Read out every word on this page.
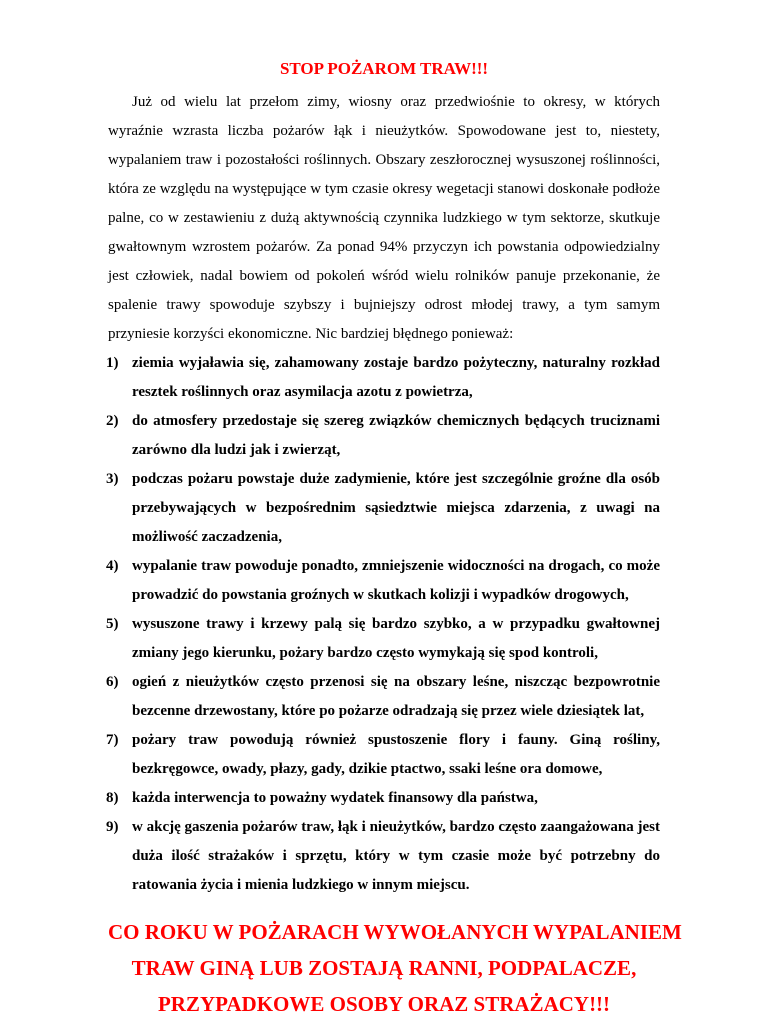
STOP POŻAROM TRAW!!!

Już od wielu lat przełom zimy, wiosny oraz przedwiośnie to okresy, w których wyraźnie wzrasta liczba pożarów łąk i nieużytków. Spowodowane jest to, niestety, wypalaniem traw i pozostałości roślinnych. Obszary zeszłorocznej wysuszonej roślinności, która ze względu na występujące w tym czasie okresy wegetacji stanowi doskonałe podłoże palne, co w zestawieniu z dużą aktywnością czynnika ludzkiego w tym sektorze, skutkuje gwałtownym wzrostem pożarów. Za ponad 94% przyczyn ich powstania odpowiedzialny jest człowiek, nadal bowiem od pokoleń wśród wielu rolników panuje przekonanie, że spalenie trawy spowoduje szybszy i bujniejszy odrost młodej trawy, a tym samym przyniesie korzyści ekonomiczne. Nic bardziej błędnego ponieważ:

1) ziemia wyjaławia się, zahamowany zostaje bardzo pożyteczny, naturalny rozkład resztek roślinnych oraz asymilacja azotu z powietrza,
2) do atmosfery przedostaje się szereg związków chemicznych będących truciznami zarówno dla ludzi jak i zwierząt,
3) podczas pożaru powstaje duże zadymienie, które jest szczególnie groźne dla osób przebywających w bezpośrednim sąsiedztwie miejsca zdarzenia, z uwagi na możliwość zaczadzenia,
4) wypalanie traw powoduje ponadto, zmniejszenie widoczności na drogach, co może prowadzić do powstania groźnych w skutkach kolizji i wypadków drogowych,
5) wysuszone trawy i krzewy palą się bardzo szybko, a w przypadku gwałtownej zmiany jego kierunku, pożary bardzo często wymykają się spod kontroli,
6) ogień z nieużytków często przenosi się na obszary leśne, niszcząc bezpowrotnie bezcenne drzewostany, które po pożarze odradzają się przez wiele dziesiątek lat,
7) pożary traw powodują również spustoszenie flory i fauny. Giną rośliny, bezkręgowce, owady, płazy, gady, dzikie ptactwo, ssaki leśne ora domowe,
8) każda interwencja to poważny wydatek finansowy dla państwa,
9) w akcję gaszenia pożarów traw, łąk i nieużytków, bardzo często zaangażowana jest duża ilość strażaków i sprzętu, który w tym czasie może być potrzebny do ratowania życia i mienia ludzkiego w innym miejscu.
CO ROKU W POŻARACH WYWOŁANYCH WYPALANIEM
TRAW GINĄ LUB ZOSTAJĄ RANNI, PODPALACZE,
PRZYPADKOWE OSOBY ORAZ STRAŻACY!!!
